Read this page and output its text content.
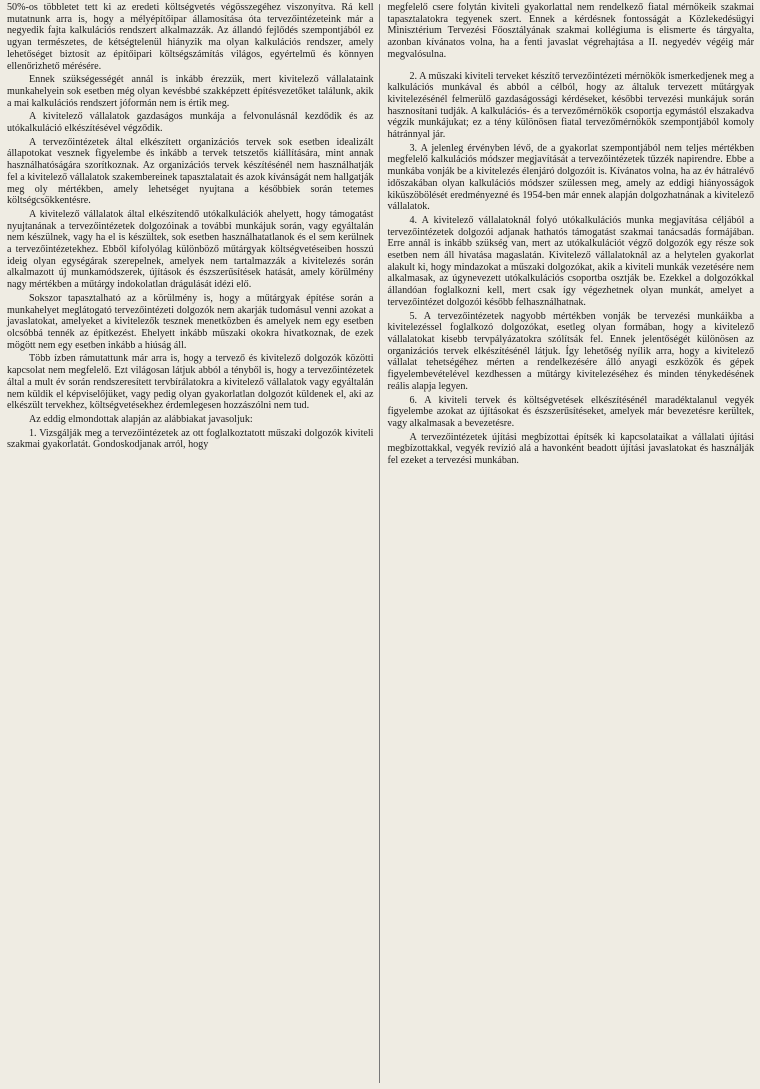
50%-os többletet tett ki az eredeti költségvetés végösszegéhez viszonyítva. Rá kell mutatnunk arra is, hogy a mélyépítőipar államosítása óta tervezőintézeteink már a negyedik fajta kalkulációs rendszert alkalmazzák. Az állandó fejlődés szempontjából ez ugyan természetes, de kétségtelenül hiányzik ma olyan kalkulációs rendszer, amely lehetőséget biztosít az építőipari költségszámítás világos, egyértelmű és könnyen ellenőrizhető mérésére.

Ennek szükségességét annál is inkább érezzük, mert kivitelező vállalataink munkahelyein sok esetben még olyan kevésbbé szakképzett építésvezetőket találunk, akik a mai kalkulációs rendszert jóformán nem is értik meg.

A kivitelező vállalatok gazdaságos munkája a felvonulásnál kezdődik és az utókalkuláció elkészítésével végződik.

A tervezőintézetek által elkészített organizációs tervek sok esetben idealizált állapotokat vesznek figyelembe és inkább a tervek tetszetős kiállítására, mint annak használhatóságára szorítkoznak. Az organizációs tervek készítésénél nem használhatják fel a kivitelező vállalatok szakembereinek tapasztalatait és azok kívánságát nem hallgatják meg oly mértékben, amely lehetséget nyujtana a későbbiek során tetemes költségcsökkentésre.

A kivitelező vállalatok által elkészítendő utókalkulációk ahelyett, hogy támogatást nyujtanának a tervezőintézetek dolgozóinak a további munkájuk során, vagy egyáltalán nem készülnek, vagy ha el is készültek, sok esetben használhatatlanok és el sem kerülnek a tervezőintézetekhez. Ebből kifolyólag különböző műtárgyak költségvetéseiben hosszú ideig olyan egységárak szerepelnek, amelyek nem tartalmazzák a kivitelezés során alkalmazott új munkamódszerek, újítások és észszerűsítések hatását, amely körülmény nagy mértékben a műtárgy indokolatlan drágulását idézi elő.

Sokszor tapasztalható az a körülmény is, hogy a műtárgyak építése során a munkahelyet meglátogató tervezőintézeti dolgozók nem akarják tudomásul venni azokat a javaslatokat, amelyeket a kivitelezők tesznek menetközben és amelyek nem egy esetben olcsóbbá tennék az építkezést. Ehelyett inkább műszaki okokra hivatkoznak, de ezek mögött nem egy esetben inkább a hiúság áll.

Több ízben rámutattunk már arra is, hogy a tervező és kivitelező dolgozók közötti kapcsolat nem megfelelő. Ezt világosan látjuk abból a tényből is, hogy a tervezőintézetek által a mult év során rendszeresített tervbírálatokra a kivitelező vállalatok vagy egyáltalán nem küldik el képviselőjüket, vagy pedig olyan gyakorlatlan dolgozót küldenek el, aki az elkészült tervekhez, költségvetésekhez érdemlegesen hozzászólni nem tud.

Az eddig elmondottak alapján az alábbiakat javasoljuk:

1. Vizsgálják meg a tervezőintézetek az ott foglalkoztatott műszaki dolgozók kiviteli szakmai gyakorlatát. Gondoskodjanak arról, hogy

megfelelő csere folytán kiviteli gyakorlattal nem rendelkező fiatal mérnökeik szakmai tapasztalatokra tegyenek szert. Ennek a kérdésnek fontosságát a Közlekedésügyi Minisztérium Tervezési Főosztályának szakmai kollégiuma is elismerte és tárgyalta, azonban kívánatos volna, ha a fenti javaslat végrehajtása a II. negyedév végéig már megvalósulna.

2. A műszaki kiviteli terveket készítő tervezőintézeti mérnökök ismerkedjenek meg a kalkulációs munkával és abból a célból, hogy az általuk tervezett műtárgyak kivitelezésénél felmerülő gazdaságossági kérdéseket, későbbi tervezési munkájuk során hasznosítani tudják. A kalkulációs- és a tervezőmérnökök csoportja egymástól elszakadva végzik munkájukat; ez a tény különösen fiatal tervezőmérnökök szempontjából komoly hátránnyal jár.

3. A jelenleg érvényben lévő, de a gyakorlat szempontjából nem teljes mértékben megfelelő kalkulációs módszer megjavítását a tervezőintézetek tűzzék napirendre. Ebbe a munkába vonják be a kivitelezés élenjáró dolgozóit is. Kívánatos volna, ha az év hátralévő időszakában olyan kalkulációs módszer szülessen meg, amely az eddigi hiányosságok kiküszöbölését eredményezné és 1954-ben már ennek alapján dolgozhatnának a kivitelező vállalatok.

4. A kivitelező vállalatoknál folyó utókalkulációs munka megjavítása céljából a tervezőintézetek dolgozói adjanak hathatós támogatást szakmai tanácsadás formájában. Erre annál is inkább szükség van, mert az utókalkulációt végző dolgozók egy része sok esetben nem áll hivatása magaslatán. Kivitelező vállalatoknál az a helytelen gyakorlat alakult ki, hogy mindazokat a műszaki dolgozókat, akik a kiviteli munkák vezetésére nem alkalmasak, az úgynevezett utókalkulációs csoportba osztják be. Ezekkel a dolgozókkal állandóan foglalkozni kell, mert csak így végezhetnek olyan munkát, amelyet a tervezőintézet dolgozói később felhasználhatnak.

5. A tervezőintézetek nagyobb mértékben vonják be tervezési munkáikba a kivitelezéssel foglalkozó dolgozókat, esetleg olyan formában, hogy a kivitelező vállalatokat kisebb tervpályázatokra szólítsák fel. Ennek jelentőségét különösen az organizációs tervek elkészítésénél látjuk. Így lehetőség nyílik arra, hogy a kivitelező vállalat tehetségéhez mérten a rendelkezésére álló anyagi eszközök és gépek figyelembevételével kezdhessen a műtárgy kivitelezéséhez és minden ténykedésének reális alapja legyen.

6. A kiviteli tervek és költségvetések elkészítésénél maradéktalanul vegyék figyelembe azokat az újításokat és észszerűsítéseket, amelyek már bevezetésre kerültek, vagy alkalmasak a bevezetésre.

A tervezőintézetek újítási megbízottai építsék ki kapcsolataikat a vállalati újítási megbízottakkal, vegyék revízió alá a havonként beadott újítási javaslatokat és használják fel ezeket a tervezési munkában.
